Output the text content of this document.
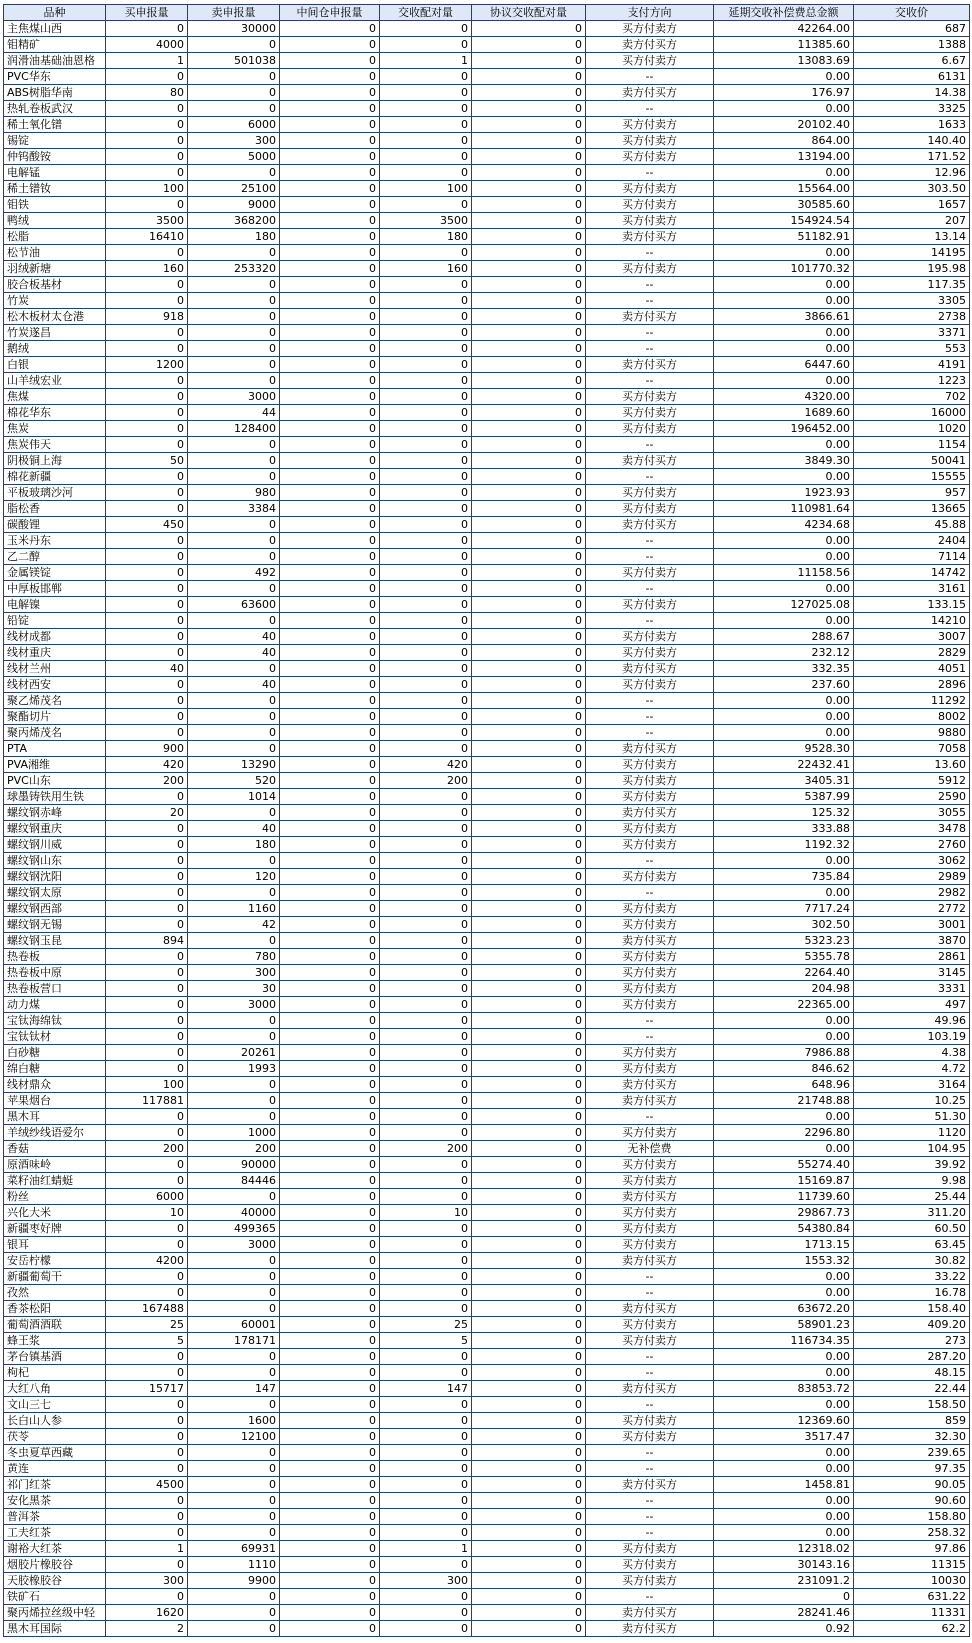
品种	买申报量	卖申报量	中间仓申报量	交收配对量	协议交收配对量	支付方向	延期交收补偿费总金额	交收价
主焦煤山西	0	30000	0	0	0	买方付卖方	42264.00	687
钼精矿	4000	0	0	0	0	卖方付买方	11385.60	1388
润滑油基础油恩格	1	501038	0	1	0	买方付卖方	13083.69	6.67
PVC华东	0	0	0	0	0	--	0.00	6131
ABS树脂华南	80	0	0	0	0	卖方付买方	176.97	14.38
热轧卷板武汉	0	0	0	0	0	--	0.00	3325
稀土氧化镨	0	6000	0	0	0	买方付卖方	20102.40	1633
锡锭	0	300	0	0	0	买方付卖方	864.00	140.40
仲钨酸铵	0	5000	0	0	0	买方付卖方	13194.00	171.52
电解锰	0	0	0	0	0	--	0.00	12.96
稀土镨钕	100	25100	0	100	0	买方付卖方	15564.00	303.50
钼铁	0	9000	0	0	0	买方付卖方	30585.60	1657
鸭绒	3500	368200	0	3500	0	买方付卖方	154924.54	207
松脂	16410	180	0	180	0	卖方付买方	51182.91	13.14
松节油	0	0	0	0	0	--	0.00	14195
羽绒新塘	160	253320	0	160	0	买方付卖方	101770.32	195.98
胶合板基材	0	0	0	0	0	--	0.00	117.35
竹炭	0	0	0	0	0	--	0.00	3305
松木板材太仓港	918	0	0	0	0	卖方付买方	3866.61	2738
竹炭遂昌	0	0	0	0	0	--	0.00	3371
鹅绒	0	0	0	0	0	--	0.00	553
白银	1200	0	0	0	0	卖方付买方	6447.60	4191
山羊绒宏业	0	0	0	0	0	--	0.00	1223
焦煤	0	3000	0	0	0	买方付卖方	4320.00	702
棉花华东	0	44	0	0	0	买方付卖方	1689.60	16000
焦炭	0	128400	0	0	0	买方付卖方	196452.00	1020
焦炭伟天	0	0	0	0	0	--	0.00	1154
阴极铜上海	50	0	0	0	0	卖方付买方	3849.30	50041
棉花新疆	0	0	0	0	0	--	0.00	15555
平板玻璃沙河	0	980	0	0	0	买方付卖方	1923.93	957
脂松香	0	3384	0	0	0	买方付卖方	110981.64	13665
碳酸锂	450	0	0	0	0	卖方付买方	4234.68	45.88
玉米丹东	0	0	0	0	0	--	0.00	2404
乙二醇	0	0	0	0	0	--	0.00	7114
金属镁锭	0	492	0	0	0	买方付卖方	11158.56	14742
中厚板邯郸	0	0	0	0	0	--	0.00	3161
电解镍	0	63600	0	0	0	买方付卖方	127025.08	133.15
铅锭	0	0	0	0	0	--	0.00	14210
线材成都	0	40	0	0	0	买方付卖方	288.67	3007
线材重庆	0	40	0	0	0	买方付卖方	232.12	2829
线材兰州	40	0	0	0	0	卖方付买方	332.35	4051
线材西安	0	40	0	0	0	买方付卖方	237.60	2896
聚乙烯茂名	0	0	0	0	0	--	0.00	11292
聚酯切片	0	0	0	0	0	--	0.00	8002
聚丙烯茂名	0	0	0	0	0	--	0.00	9880
PTA	900	0	0	0	0	卖方付买方	9528.30	7058
PVA湘维	420	13290	0	420	0	买方付卖方	22432.41	13.60
PVC山东	200	520	0	200	0	买方付卖方	3405.31	5912
球墨铸铁用生铁	0	1014	0	0	0	买方付卖方	5387.99	2590
螺纹钢赤峰	20	0	0	0	0	卖方付买方	125.32	3055
螺纹钢重庆	0	40	0	0	0	买方付卖方	333.88	3478
螺纹钢川威	0	180	0	0	0	买方付卖方	1192.32	2760
螺纹钢山东	0	0	0	0	0	--	0.00	3062
螺纹钢沈阳	0	120	0	0	0	买方付卖方	735.84	2989
螺纹钢太原	0	0	0	0	0	--	0.00	2982
螺纹钢西部	0	1160	0	0	0	买方付卖方	7717.24	2772
螺纹钢无锡	0	42	0	0	0	买方付卖方	302.50	3001
螺纹钢玉昆	894	0	0	0	0	卖方付买方	5323.23	3870
热卷板	0	780	0	0	0	买方付卖方	5355.78	2861
热卷板中原	0	300	0	0	0	买方付卖方	2264.40	3145
热卷板营口	0	30	0	0	0	买方付卖方	204.98	3331
动力煤	0	3000	0	0	0	买方付卖方	22365.00	497
宝钛海绵钛	0	0	0	0	0	--	0.00	49.96
宝钛钛材	0	0	0	0	0	--	0.00	103.19
白砂糖	0	20261	0	0	0	买方付卖方	7986.88	4.38
绵白糖	0	1993	0	0	0	买方付卖方	846.62	4.72
线材鼎众	100	0	0	0	0	卖方付买方	648.96	3164
苹果烟台	117881	0	0	0	0	卖方付买方	21748.88	10.25
黑木耳	0	0	0	0	0	--	0.00	51.30
羊绒纱线语爱尔	0	1000	0	0	0	买方付卖方	2296.80	1120
香菇	200	200	0	200	0	无补偿费	0.00	104.95
原酒味岭	0	90000	0	0	0	买方付卖方	55274.40	39.92
菜籽油红蜻蜓	0	84446	0	0	0	买方付卖方	15169.87	9.98
粉丝	6000	0	0	0	0	卖方付买方	11739.60	25.44
兴化大米	10	40000	0	10	0	买方付卖方	29867.73	311.20
新疆枣好牌	0	499365	0	0	0	买方付卖方	54380.84	60.50
银耳	0	3000	0	0	0	买方付卖方	1713.15	63.45
安岳柠檬	4200	0	0	0	0	卖方付买方	1553.32	30.82
新疆葡萄干	0	0	0	0	0	--	0.00	33.22
孜然	0	0	0	0	0	--	0.00	16.78
香茶松阳	167488	0	0	0	0	卖方付买方	63672.20	158.40
葡萄酒酒联	25	60001	0	25	0	买方付卖方	58901.23	409.20
蜂王浆	5	178171	0	5	0	买方付卖方	116734.35	273
茅台镇基酒	0	0	0	0	0	--	0.00	287.20
枸杞	0	0	0	0	0	--	0.00	48.15
大红八角	15717	147	0	147	0	卖方付买方	83853.72	22.44
文山三七	0	0	0	0	0	--	0.00	158.50
长白山人参	0	1600	0	0	0	买方付卖方	12369.60	859
茯苓	0	12100	0	0	0	买方付卖方	3517.47	32.30
冬虫夏草西藏	0	0	0	0	0	--	0.00	239.65
黄连	0	0	0	0	0	--	0.00	97.35
祁门红茶	4500	0	0	0	0	卖方付买方	1458.81	90.05
安化黑茶	0	0	0	0	0	--	0.00	90.60
普洱茶	0	0	0	0	0	--	0.00	158.80
工夫红茶	0	0	0	0	0	--	0.00	258.32
谢裕大红茶	1	69931	0	1	0	买方付卖方	12318.02	97.86
烟胶片橡胶谷	0	1110	0	0	0	买方付卖方	30143.16	11315
天胶橡胶谷	300	9900	0	300	0	买方付卖方	231091.2	10030
铁矿石	0	0	0	0	0	--	0	631.22
聚丙烯拉丝级中轻	1620	0	0	0	0	卖方付买方	28241.46	11331
黑木耳国际	2	0	0	0	0	卖方付买方	0.92	62.2
